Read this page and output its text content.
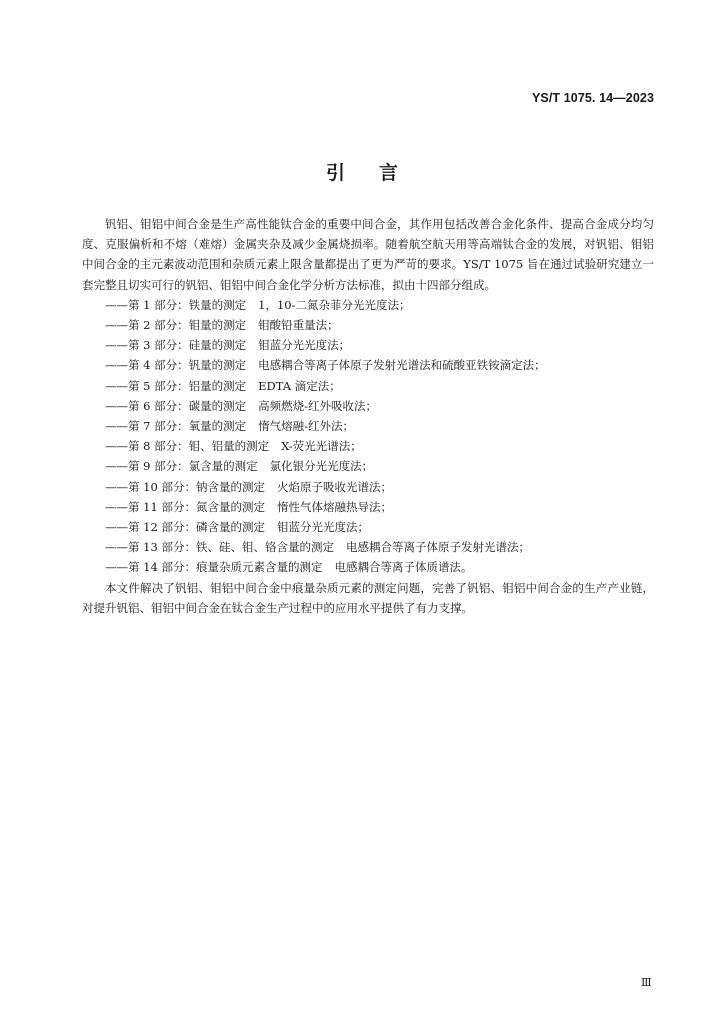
YS/T 1075. 14—2023
引言

钒铝、钼铝中间合金是生产高性能钛合金的重要中间合金，其作用包括改善合金化条件、提高合金成分均匀度、克服偏析和不熔（难熔）金属夹杂及减少金属烧损率。随着航空航天用等高端钛合金的发展，对钒铝、钼铝中间合金的主元素波动范围和杂质元素上限含量都提出了更为严苛的要求。YS/T 1075 旨在通过试验研究建立一套完整且切实可行的钒铝、钼铝中间合金化学分析方法标准，拟由十四部分组成。

——第 1 部分：铁量的测定 1，10-二氮杂菲分光光度法；
——第 2 部分：钼量的测定 钼酸铅重量法；
——第 3 部分：硅量的测定 钼蓝分光光度法；
——第 4 部分：钒量的测定 电感耦合等离子体原子发射光谱法和硫酸亚铁铵滴定法；
——第 5 部分：铝量的测定 EDTA 滴定法；
——第 6 部分：碳量的测定 高频燃烧-红外吸收法；
——第 7 部分：氧量的测定 惰气熔融-红外法；
——第 8 部分：钼、铝量的测定 X-荧光光谱法；
——第 9 部分：氯含量的测定 氯化银分光光度法；
——第 10 部分：钠含量的测定 火焰原子吸收光谱法；
——第 11 部分：氮含量的测定 惰性气体熔融热导法；
——第 12 部分：磷含量的测定 钼蓝分光光度法；
——第 13 部分：铁、硅、钼、铬含量的测定 电感耦合等离子体原子发射光谱法；
——第 14 部分：痕量杂质元素含量的测定 电感耦合等离子体质谱法。

本文件解决了钒铝、钼铝中间合金中痕量杂质元素的测定问题，完善了钒铝、钼铝中间合金的生产产业链，对提升钒铝、钼铝中间合金在钛合金生产过程中的应用水平提供了有力支撑。

Ⅲ
